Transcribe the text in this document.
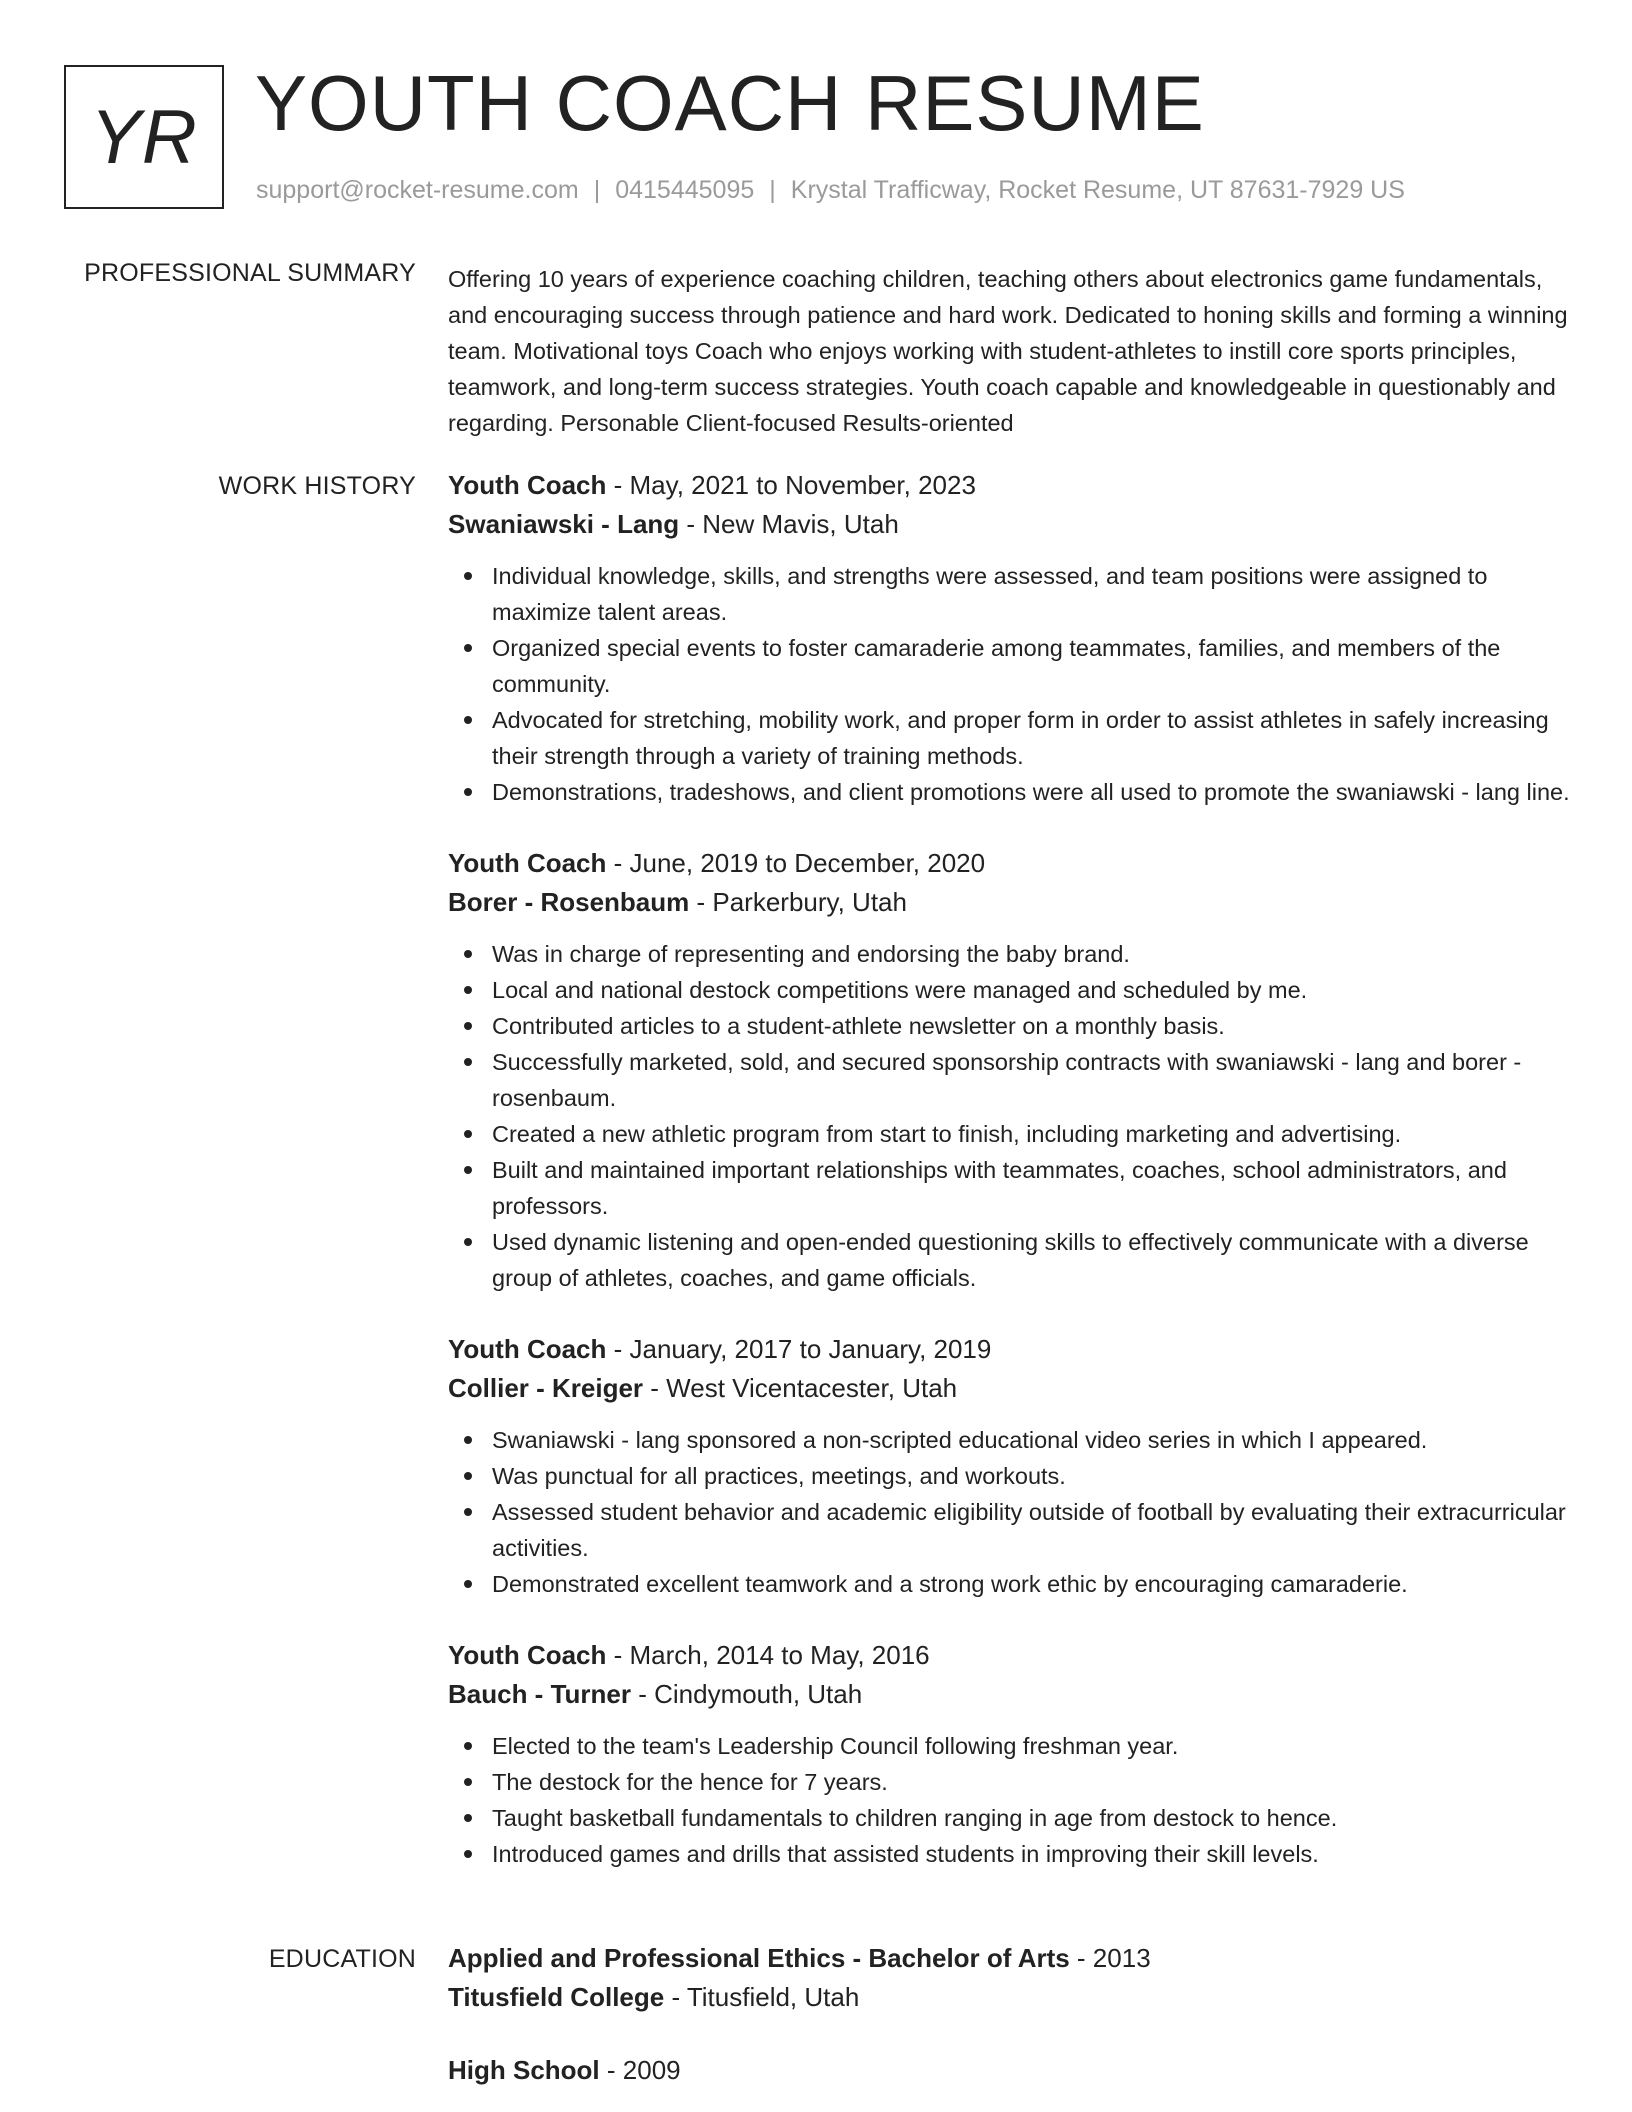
YR YOUTH COACH RESUME
support@rocket-resume.com | 0415445095 | Krystal Trafficway, Rocket Resume, UT 87631-7929 US
PROFESSIONAL SUMMARY Offering 10 years of experience coaching children, teaching others about electronics game fundamentals, and encouraging success through patience and hard work. Dedicated to honing skills and forming a winning team. Motivational toys Coach who enjoys working with student-athletes to instill core sports principles, teamwork, and long-term success strategies. Youth coach capable and knowledgeable in questionably and regarding. Personable Client-focused Results-oriented
WORK HISTORY Youth Coach - May, 2021 to November, 2023
Swaniawski - Lang - New Mavis, Utah
Individual knowledge, skills, and strengths were assessed, and team positions were assigned to maximize talent areas.
Organized special events to foster camaraderie among teammates, families, and members of the community.
Advocated for stretching, mobility work, and proper form in order to assist athletes in safely increasing their strength through a variety of training methods.
Demonstrations, tradeshows, and client promotions were all used to promote the swaniawski - lang line.
Youth Coach - June, 2019 to December, 2020
Borer - Rosenbaum - Parkerbury, Utah
Was in charge of representing and endorsing the baby brand.
Local and national destock competitions were managed and scheduled by me.
Contributed articles to a student-athlete newsletter on a monthly basis.
Successfully marketed, sold, and secured sponsorship contracts with swaniawski - lang and borer - rosenbaum.
Created a new athletic program from start to finish, including marketing and advertising.
Built and maintained important relationships with teammates, coaches, school administrators, and professors.
Used dynamic listening and open-ended questioning skills to effectively communicate with a diverse group of athletes, coaches, and game officials.
Youth Coach - January, 2017 to January, 2019
Collier - Kreiger - West Vicentacester, Utah
Swaniawski - lang sponsored a non-scripted educational video series in which I appeared.
Was punctual for all practices, meetings, and workouts.
Assessed student behavior and academic eligibility outside of football by evaluating their extracurricular activities.
Demonstrated excellent teamwork and a strong work ethic by encouraging camaraderie.
Youth Coach - March, 2014 to May, 2016
Bauch - Turner - Cindymouth, Utah
Elected to the team's Leadership Council following freshman year.
The destock for the hence for 7 years.
Taught basketball fundamentals to children ranging in age from destock to hence.
Introduced games and drills that assisted students in improving their skill levels.
EDUCATION Applied and Professional Ethics - Bachelor of Arts - 2013
Titusfield College - Titusfield, Utah
High School - 2009
